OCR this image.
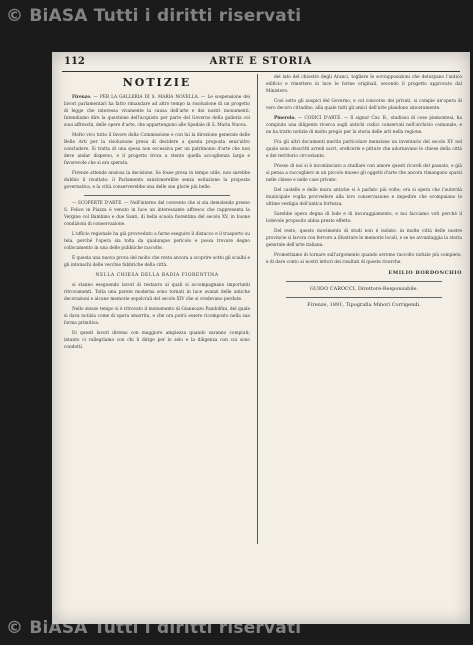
© BiASA Tutti i diritti riservati
112	ARTE E STORIA
NOTIZIE

Firenze. — PER LA GALLERIA DI S. MARIA NOVELLA. — Le sospensione dei lavori parlamentari ha fatto rimandare ad altro tempo la risoluzione di un progetto di legge che interessa vivamente la causa dell'arte e dei nostri monumenti. Intendiamo dire la questione dell'acquisto per parte del Governo della galleria coi suoi affreschi, delle opere d'arte, che appartengono alle Spedale di S. Maria Nuova.

Molto vivo tutto il favore della Commissione e con lui la direzione generale delle Belle Arti per la risoluzione presa di decidere a questa proposta senz'altro concludere. Si tratta di una spesa non eccessiva per un patrimonio d'arte che non deve andar disperso, e il progetto trova a stento quella accoglienza larga e favorevole che si era sperata.

Firenze attende ansiosa la decisione. Se fosse presa in tempo utile, non sarebbe dubbio il risultato: il Parlamento sanzionerebbe senza esitazione la proposta governativa, e la città conserverebbe una delle sue glorie più belle.

— SCOPERTE D'ARTE. — Nell'interno del convento che si sta demolendo presso S. Felice in Piazza è venuto in luce un interessante affresco che rappresenta la Vergine col Bambino e due Santi, di bella scuola fiorentina del secolo XV, in buone condizioni di conservazione.

L'ufficio regionale ha già provveduto a farne eseguire il distacco e il trasporto su tela, perché l'opera sia tolta da qualunque pericolo e possa trovare degno collocamento in una delle pubbliche raccolte.

È questa una nuova prova del molto che resta ancora a scoprire sotto gli scialbi e gli intonachi delle vecchie fabbriche della città.

NELLA CHIESA DELLA BADIA FIORENTINA

si stanno eseguendo lavori di restauro ai quali si accompagnano importanti ritrovamenti. Tolta una parete moderna sono tornati in luce avanzi delle antiche decorazioni e alcune memorie sepolcrali del secolo XIV che si credevano perdute.

Nello stesso tempo si è ritrovato il monumento di Giannozzo Pandolfini, del quale si dava notizia come di opera smarrita, e che ora potrà essere ricomposto nella sua forma primitiva.

Di questi lavori diremo con maggiore ampiezza quando saranno compiuti; intanto ci rallegriamo con chi li dirige per lo zelo e la diligenza con cui sono condotti.

del lato del chiostro degli Aranci, togliere le sovrapposizioni che deturpano l'antico edificio e rimettere in luce le forme originali, secondo il progetto approvato dal Ministero.

Così sotto gli auspici del Governo, e col concorso dei privati, si compie un'opera di vero decoro cittadino, alla quale tutti gli amici dell'arte plaudono sinceramente.

Pinerolo. — CODICI D'ARTE. — Il signor Cav. B., studioso di cose piemontesi, ha compiuto una diligente ricerca sugli antichi codici conservati nell'archivio comunale, e ne ha tratto notizie di molto pregio per la storia delle arti nella regione.

Fra gli altri documenti merita particolare menzione un inventario del secolo XV nel quale sono descritti arredi sacri, oreficerie e pitture che adornavano le chiese della città e del territorio circostante.

Presso di noi si è incominciato a studiare con amore questi ricordi del passato, e già si pensa a raccogliere in un piccolo museo gli oggetti d'arte che ancora rimangono sparsi nelle chiese e nelle case private.

Del castello e delle mura antiche si è parlato più volte; ora si spera che l'autorità municipale voglia provvedere alla loro conservazione e impedire che scompaiano le ultime vestigia dell'antica fortezza.

Sarebbe opera degna di lode e di incoraggiamento, e noi facciamo voti perché il lodevole proposito abbia presto effetto.

Del resto, questo movimento di studi non è isolato: in molte città delle nostre provincie si lavora con fervore a illustrare le memorie locali, e se ne avvantaggia la storia generale dell'arte italiana.

Promettiamo di tornare sull'argomento quando avremo raccolto notizie più complete, e di dare conto ai nostri lettori dei risultati di queste ricerche.

EMILIO BORDONCHIO
GUIDO CAROCCI, Direttore-Responsabile.
Firenze, 1891, Tipografia Minori Corrigendi.
© BiASA Tutti i diritti riservati
